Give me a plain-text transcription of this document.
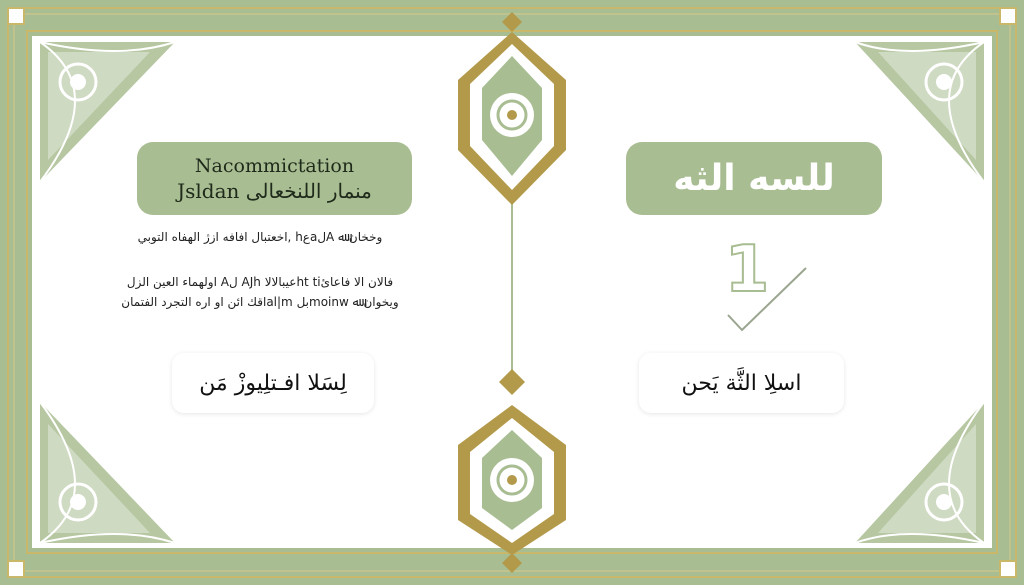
Nacommictation
Jsldan منمار اللنخعالى
وخخان ﷲ Aلaعh ,اخعتبال افافه ازژ الهفاه التوبي
فالان الا فاعائht tiعيبالالا AJh لA اولهماء العين الزل
ويخوان ﷲ moinwبل al|mاقك ائن او اره التجرد الفتمان
لِسَلا افـتلِيوزْ مَن
للسه الثه
1
اسلِا الثَّة يَحن
